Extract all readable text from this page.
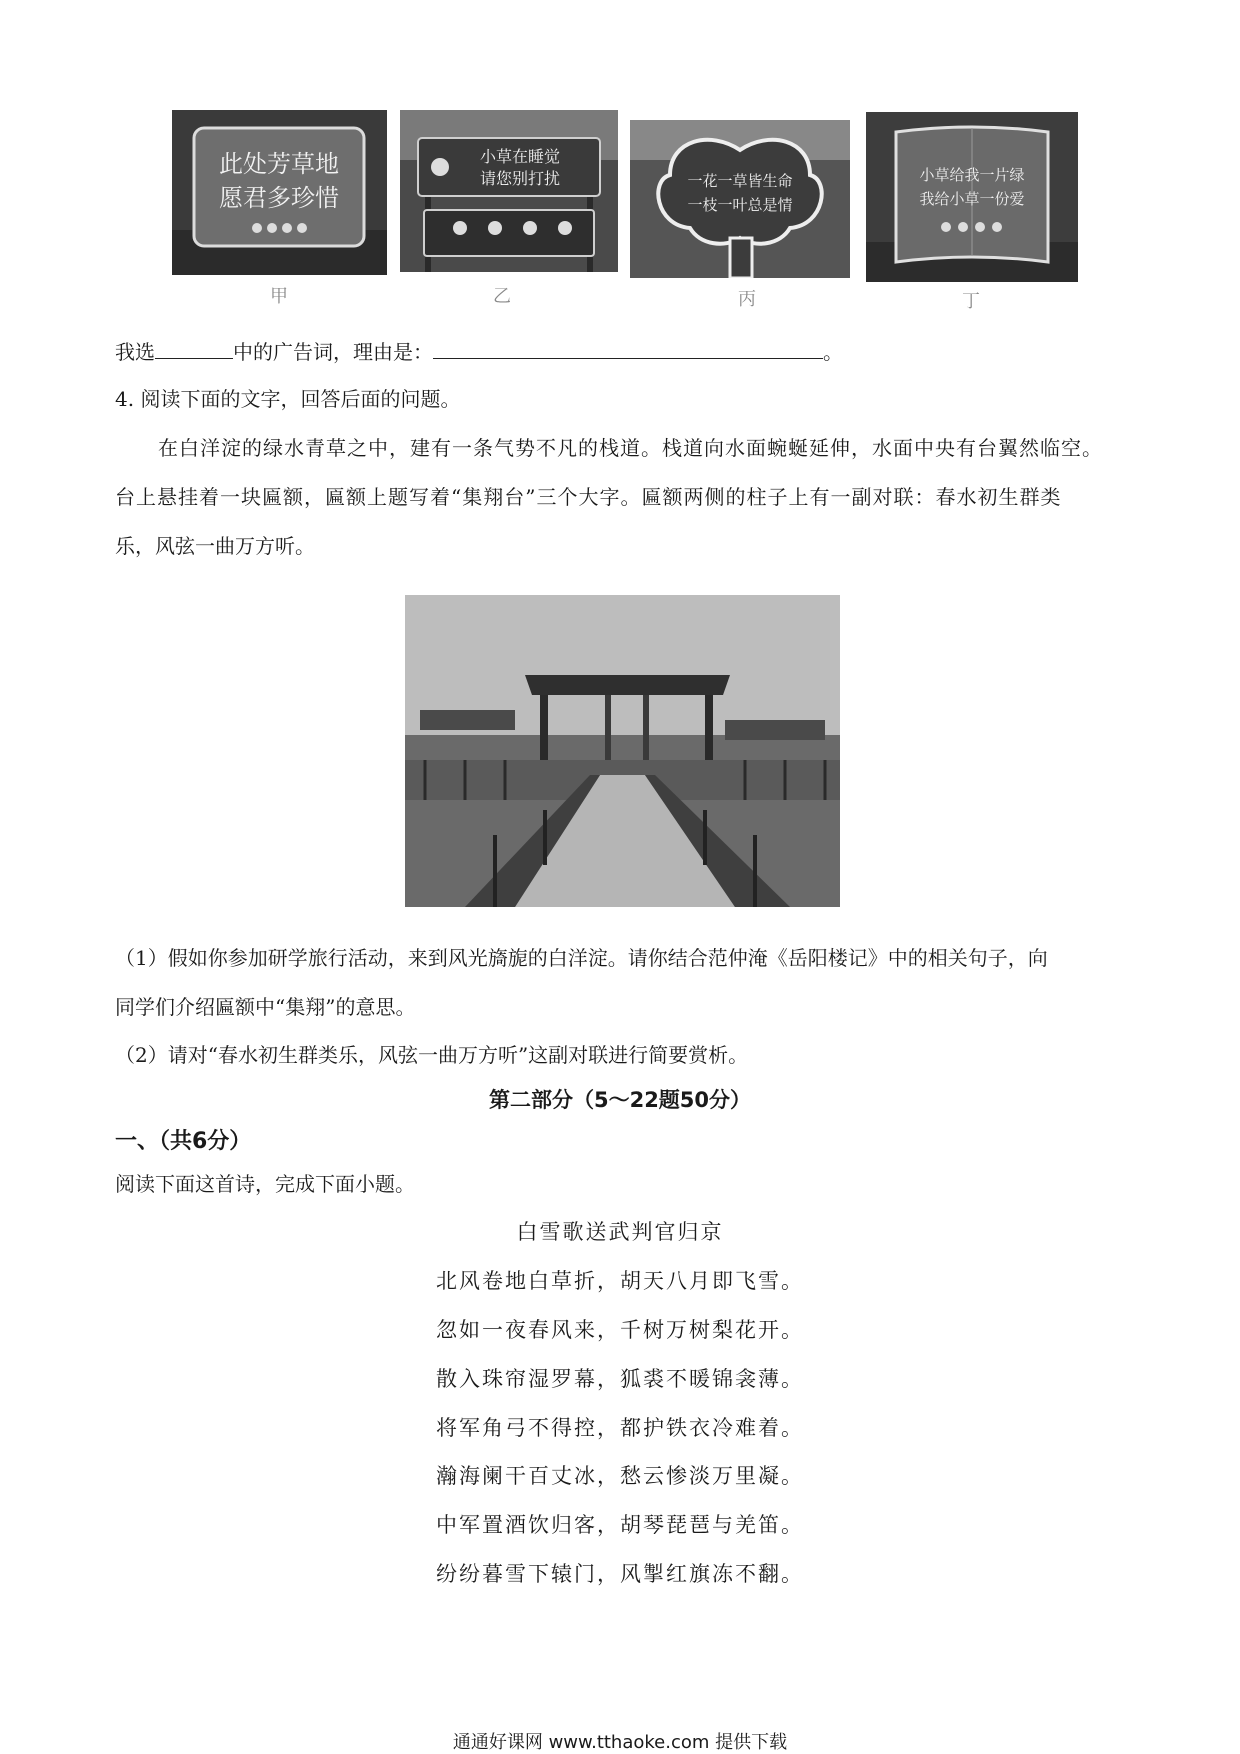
此处芳草地
愿君多珍惜
甲
小草在睡觉
请您别打扰
乙
一花一草皆生命
一枝一叶总是情
丙
小草给我一片绿
我给小草一份爱
丁
我选	中的广告词，理由是：	。
4. 阅读下面的文字，回答后面的问题。
在白洋淀的绿水青草之中，建有一条气势不凡的栈道。栈道向水面蜿蜒延伸，水面中央有台翼然临空。
台上悬挂着一块匾额，匾额上题写着“集翔台”三个大字。匾额两侧的柱子上有一副对联：春水初生群类
乐，风弦一曲万方听。
（1）假如你参加研学旅行活动，来到风光旖旎的白洋淀。请你结合范仲淹《岳阳楼记》中的相关句子，向
同学们介绍匾额中“集翔”的意思。
（2）请对“春水初生群类乐，风弦一曲万方听”这副对联进行简要赏析。
第二部分（5～22题50分）
一、（共6分）
阅读下面这首诗，完成下面小题。
白雪歌送武判官归京
北风卷地白草折，胡天八月即飞雪。
忽如一夜春风来，千树万树梨花开。
散入珠帘湿罗幕，狐裘不暖锦衾薄。
将军角弓不得控，都护铁衣冷难着。
瀚海阑干百丈冰，愁云惨淡万里凝。
中军置酒饮归客，胡琴琵琶与羌笛。
纷纷暮雪下辕门，风掣红旗冻不翻。
通通好课网 www.tthaoke.com 提供下载
